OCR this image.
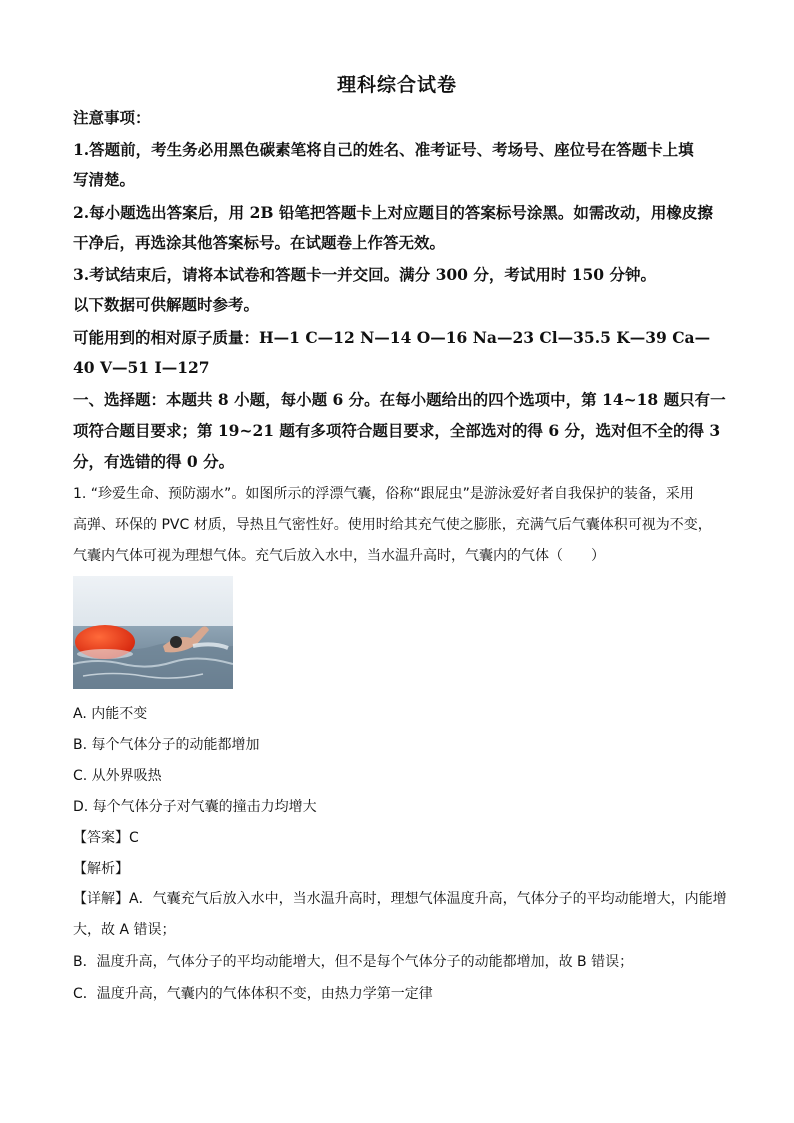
理科综合试卷
注意事项：
1.答题前，考生务必用黑色碳素笔将自己的姓名、准考证号、考场号、座位号在答题卡上填
写清楚。
2.每小题选出答案后，用 2B 铅笔把答题卡上对应题目的答案标号涂黑。如需改动，用橡皮擦
干净后，再选涂其他答案标号。在试题卷上作答无效。
3.考试结束后，请将本试卷和答题卡一并交回。满分 300 分，考试用时 150 分钟。
以下数据可供解题时参考。
可能用到的相对原子质量：H—1 C—12 N—14 O—16 Na—23 Cl—35.5 K—39 Ca—
40 V—51 I—127
一、选择题：本题共 8 小题，每小题 6 分。在每小题给出的四个选项中，第 14~18 题只有一
项符合题目要求；第 19~21 题有多项符合题目要求，全部选对的得 6 分，选对但不全的得 3
分，有选错的得 0 分。
1. “珍爱生命、预防溺水”。如图所示的浮漂气囊，俗称“跟屁虫”是游泳爱好者自我保护的装备，采用
高弹、环保的 PVC 材质，导热且气密性好。使用时给其充气使之膨胀，充满气后气囊体积可视为不变，
气囊内气体可视为理想气体。充气后放入水中，当水温升高时，气囊内的气体（　　）
A. 内能不变
B. 每个气体分子的动能都增加
C. 从外界吸热
D. 每个气体分子对气囊的撞击力均增大
【答案】C
【解析】
【详解】A．气囊充气后放入水中，当水温升高时，理想气体温度升高，气体分子的平均动能增大，内能增
大，故 A 错误；
B．温度升高，气体分子的平均动能增大，但不是每个气体分子的动能都增加，故 B 错误；
C．温度升高，气囊内的气体体积不变，由热力学第一定律
